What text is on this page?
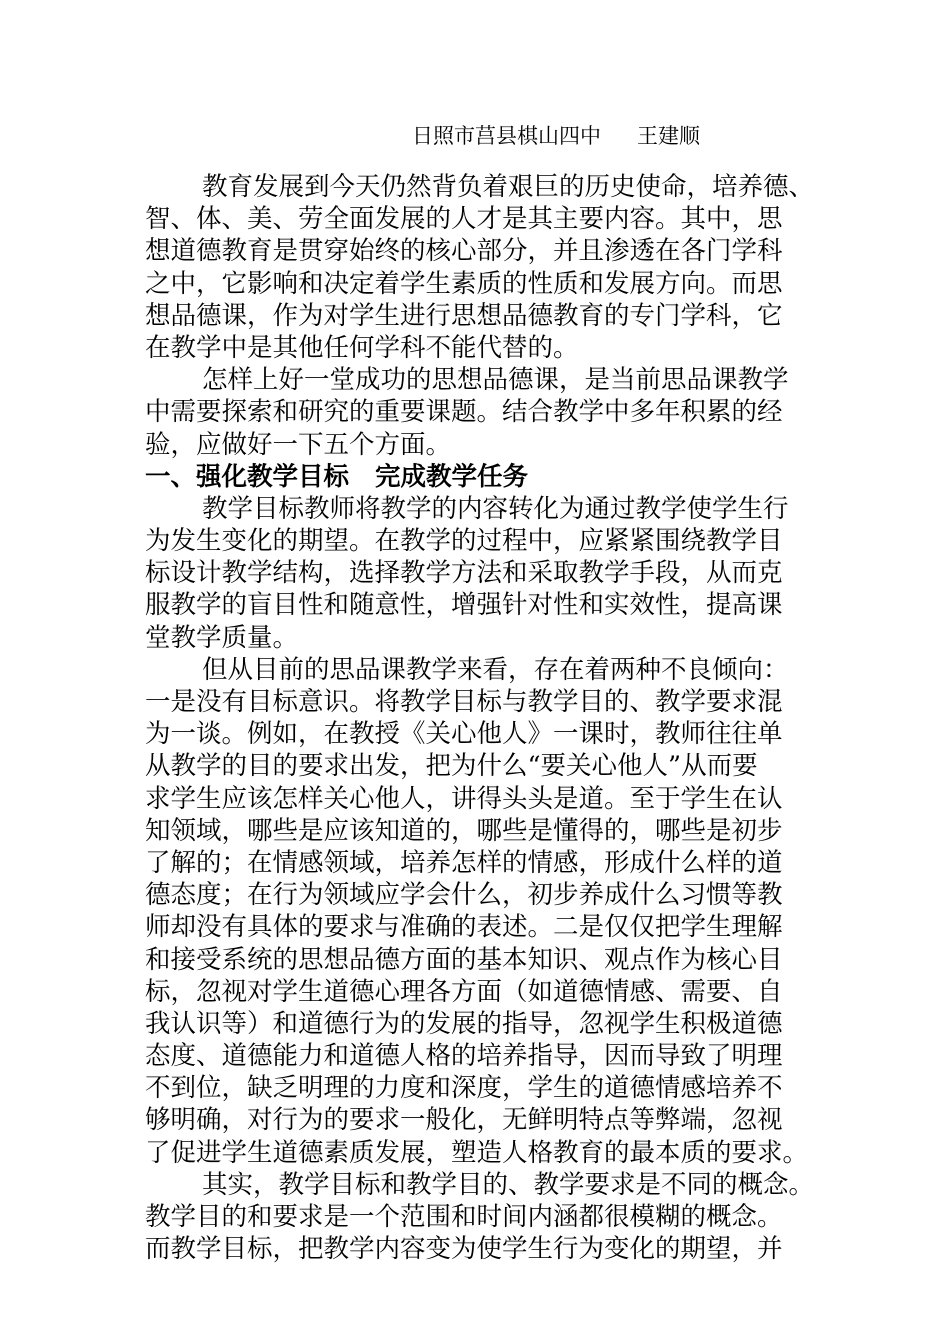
日照市莒县棋山四中 王建顺
教育发展到今天仍然背负着艰巨的历史使命，培养德、
智、体、美、劳全面发展的人才是其主要内容。其中，思
想道德教育是贯穿始终的核心部分，并且渗透在各门学科
之中，它影响和决定着学生素质的性质和发展方向。而思
想品德课，作为对学生进行思想品德教育的专门学科，它
在教学中是其他任何学科不能代替的。
怎样上好一堂成功的思想品德课，是当前思品课教学
中需要探索和研究的重要课题。结合教学中多年积累的经
验，应做好一下五个方面。
一、强化教学目标 完成教学任务
教学目标教师将教学的内容转化为通过教学使学生行
为发生变化的期望。在教学的过程中，应紧紧围绕教学目
标设计教学结构，选择教学方法和采取教学手段，从而克
服教学的盲目性和随意性，增强针对性和实效性，提高课
堂教学质量。
但从目前的思品课教学来看，存在着两种不良倾向：
一是没有目标意识。将教学目标与教学目的、教学要求混
为一谈。例如，在教授《关心他人》一课时，教师往往单
从教学的目的要求出发，把为什么“要关心他人”从而要
求学生应该怎样关心他人，讲得头头是道。至于学生在认
知领域，哪些是应该知道的，哪些是懂得的，哪些是初步
了解的；在情感领域，培养怎样的情感，形成什么样的道
德态度；在行为领域应学会什么，初步养成什么习惯等教
师却没有具体的要求与准确的表述。二是仅仅把学生理解
和接受系统的思想品德方面的基本知识、观点作为核心目
标，忽视对学生道德心理各方面（如道德情感、需要、自
我认识等）和道德行为的发展的指导，忽视学生积极道德
态度、道德能力和道德人格的培养指导，因而导致了明理
不到位，缺乏明理的力度和深度，学生的道德情感培养不
够明确，对行为的要求一般化，无鲜明特点等弊端，忽视
了促进学生道德素质发展，塑造人格教育的最本质的要求。
其实，教学目标和教学目的、教学要求是不同的概念。
教学目的和要求是一个范围和时间内涵都很模糊的概念。
而教学目标，把教学内容变为使学生行为变化的期望，并
